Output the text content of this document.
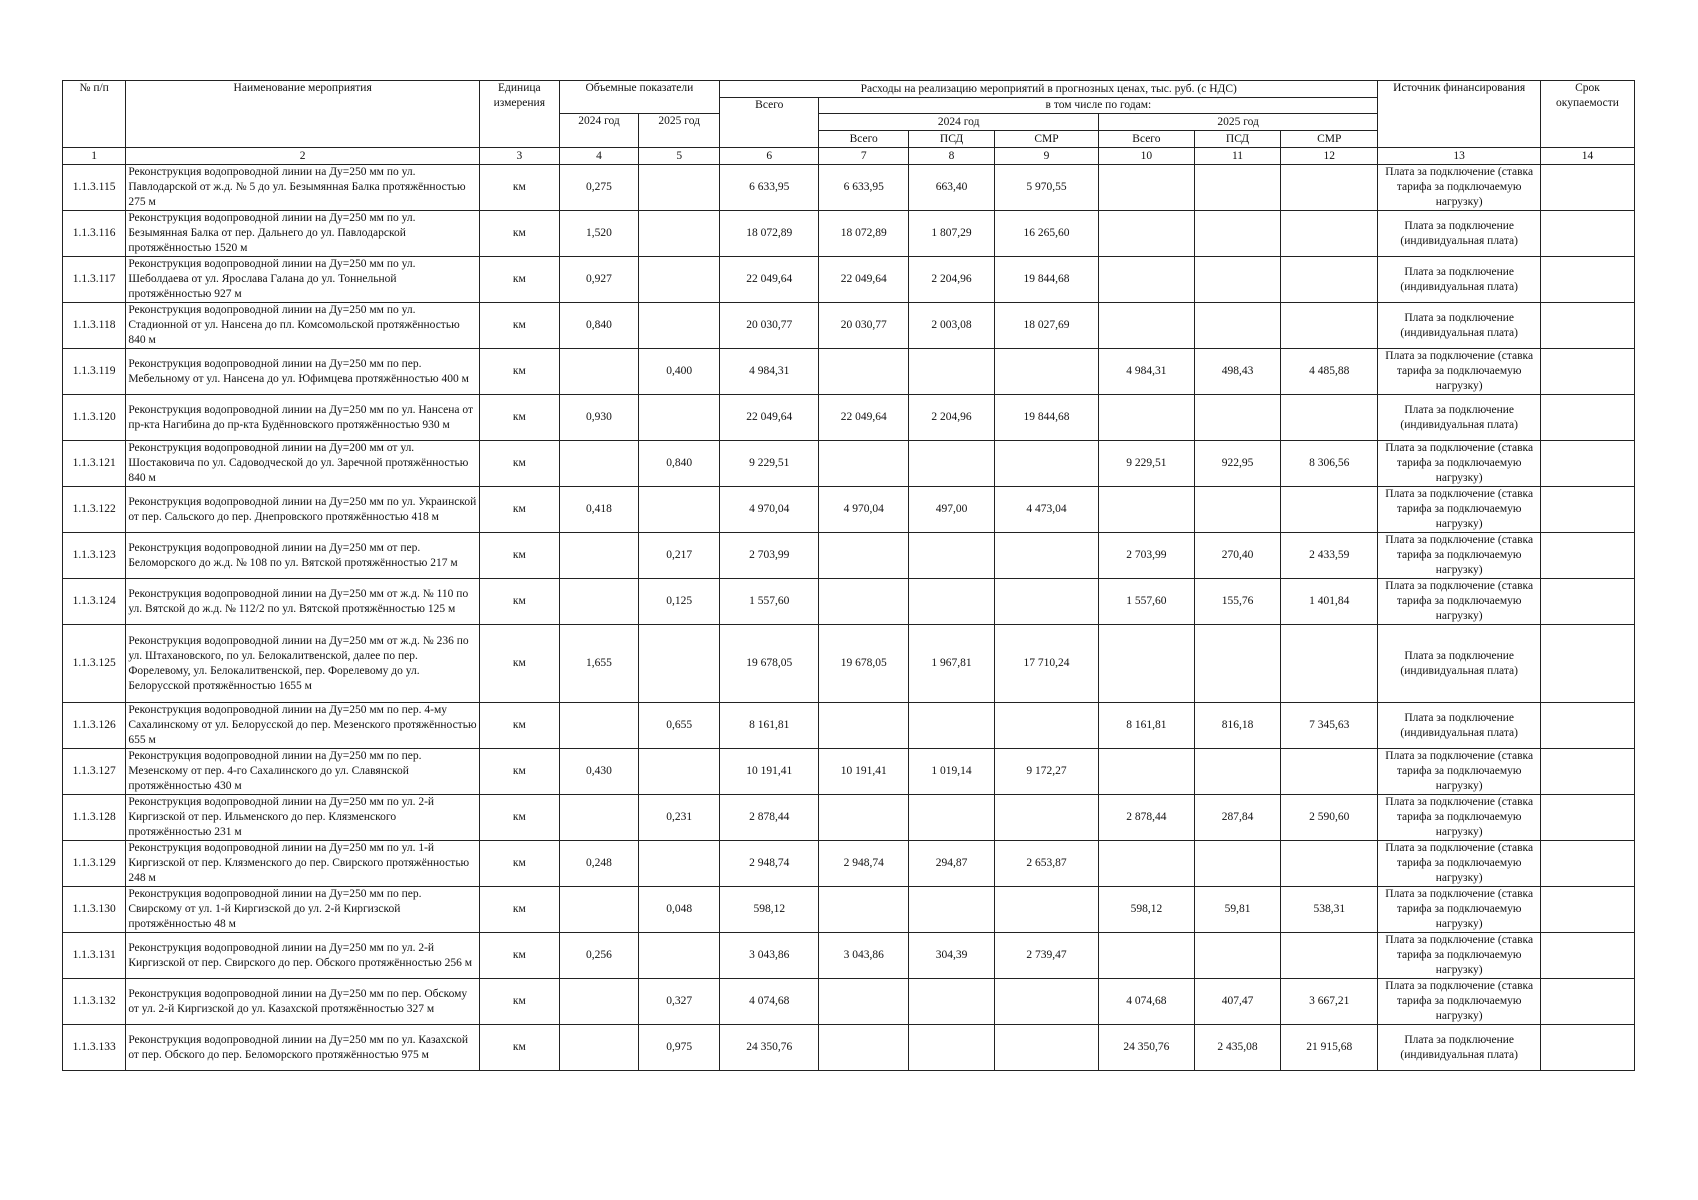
№ п/п	Наименование мероприятия	Единица измерения	Объемные показатели		Расходы на реализацию мероприятий в прогнозных ценах, тыс. руб. (с НДС)							Источник финансирования	Срок окупаемости
					Всего	в том числе по годам:							
			2024 год	2025 год		2024 год			2025 год				
						Всего	ПСД	СМР	Всего	ПСД	СМР		
1	2	3	4	5	6	7	8	9	10	11	12	13	14
1.1.3.115	Реконструкция водопроводной линии на Ду=250 мм по ул. Павлодарской от ж.д. № 5 до ул. Безымянная Балка протяжённостью 275 м	км	0,275		6 633,95	6 633,95	663,40	5 970,55				Плата за подключение (ставка тарифа за подключаемую нагрузку)	

1.1.3.116	Реконструкция водопроводной линии на Ду=250 мм по ул. Безымянная Балка от пер. Дальнего до ул. Павлодарской протяжённостью 1520 м	км	1,520		18 072,89	18 072,89	1 807,29	16 265,60				Плата за подключение (индивидуальная плата)	

1.1.3.117	Реконструкция водопроводной линии на Ду=250 мм по ул. Шеболдаева от ул. Ярослава Галана до ул. Тоннельной протяжённостью 927 м	км	0,927		22 049,64	22 049,64	2 204,96	19 844,68				Плата за подключение (индивидуальная плата)	

1.1.3.118	Реконструкция водопроводной линии на Ду=250 мм по ул. Стадионной от ул. Нансена до пл. Комсомольской протяжённостью 840 м	км	0,840		20 030,77	20 030,77	2 003,08	18 027,69				Плата за подключение (индивидуальная плата)	

1.1.3.119	Реконструкция водопроводной линии на Ду=250 мм по пер. Мебельному от ул. Нансена до ул. Юфимцева протяжённостью 400 м	км		0,400	4 984,31				4 984,31	498,43	4 485,88	Плата за подключение (ставка тарифа за подключаемую нагрузку)	

1.1.3.120	Реконструкция водопроводной линии на Ду=250 мм по ул. Нансена от пр-кта Нагибина до пр-кта Будённовского протяжённостью 930 м	км	0,930		22 049,64	22 049,64	2 204,96	19 844,68				Плата за подключение (индивидуальная плата)	

1.1.3.121	Реконструкция водопроводной линии на Ду=200 мм от ул. Шостаковича по ул. Садоводческой до ул. Заречной протяжённостью 840 м	км		0,840	9 229,51				9 229,51	922,95	8 306,56	Плата за подключение (ставка тарифа за подключаемую нагрузку)	

1.1.3.122	Реконструкция водопроводной линии на Ду=250 мм по ул. Украинской от пер. Сальского до пер. Днепровского протяжённостью 418 м	км	0,418		4 970,04	4 970,04	497,00	4 473,04				Плата за подключение (ставка тарифа за подключаемую нагрузку)	

1.1.3.123	Реконструкция водопроводной линии на Ду=250 мм от пер. Беломорского до ж.д. № 108 по ул. Вятской протяжённостью 217 м	км		0,217	2 703,99				2 703,99	270,40	2 433,59	Плата за подключение (ставка тарифа за подключаемую нагрузку)	

1.1.3.124	Реконструкция водопроводной линии на Ду=250 мм от ж.д. № 110 по ул. Вятской до ж.д. № 112/2 по ул. Вятской протяжённостью 125 м	км		0,125	1 557,60				1 557,60	155,76	1 401,84	Плата за подключение (ставка тарифа за подключаемую нагрузку)	

1.1.3.125	Реконструкция водопроводной линии на Ду=250 мм от ж.д. № 236 по ул. Штахановского, по ул. Белокалитвенской, далее по пер. Форелевому, ул. Белокалитвенской, пер. Форелевому до ул. Белорусской протяжённостью 1655 м	км	1,655		19 678,05	19 678,05	1 967,81	17 710,24				Плата за подключение (индивидуальная плата)	

1.1.3.126	Реконструкция водопроводной линии на Ду=250 мм по пер. 4-му Сахалинскому от ул. Белорусской до пер. Мезенского протяжённостью 655 м	км		0,655	8 161,81				8 161,81	816,18	7 345,63	Плата за подключение (индивидуальная плата)	

1.1.3.127	Реконструкция водопроводной линии на Ду=250 мм по пер. Мезенскому от пер. 4-го Сахалинского до ул. Славянской протяжённостью 430 м	км	0,430		10 191,41	10 191,41	1 019,14	9 172,27				Плата за подключение (ставка тарифа за подключаемую нагрузку)	

1.1.3.128	Реконструкция водопроводной линии на Ду=250 мм по ул. 2-й Киргизской от пер. Ильменского до пер. Клязменского протяжённостью 231 м	км		0,231	2 878,44				2 878,44	287,84	2 590,60	Плата за подключение (ставка тарифа за подключаемую нагрузку)	

1.1.3.129	Реконструкция водопроводной линии на Ду=250 мм по ул. 1-й Киргизской от пер. Клязменского до пер. Свирского протяжённостью 248 м	км	0,248		2 948,74	2 948,74	294,87	2 653,87				Плата за подключение (ставка тарифа за подключаемую нагрузку)	

1.1.3.130	Реконструкция водопроводной линии на Ду=250 мм по пер. Свирскому от ул. 1-й Киргизской до ул. 2-й Киргизской протяжённостью 48 м	км		0,048	598,12				598,12	59,81	538,31	Плата за подключение (ставка тарифа за подключаемую нагрузку)	

1.1.3.131	Реконструкция водопроводной линии на Ду=250 мм по ул. 2-й Киргизской от пер. Свирского до пер. Обского протяжённостью 256 м	км	0,256		3 043,86	3 043,86	304,39	2 739,47				Плата за подключение (ставка тарифа за подключаемую нагрузку)	

1.1.3.132	Реконструкция водопроводной линии на Ду=250 мм по пер. Обскому от ул. 2-й Киргизской до ул. Казахской протяжённостью 327 м	км		0,327	4 074,68				4 074,68	407,47	3 667,21	Плата за подключение (ставка тарифа за подключаемую нагрузку)	

1.1.3.133	Реконструкция водопроводной линии на Ду=250 мм по ул. Казахской от пер. Обского до пер. Беломорского протяжённостью 975 м	км		0,975	24 350,76				24 350,76	2 435,08	21 915,68	Плата за подключение (индивидуальная плата)	
